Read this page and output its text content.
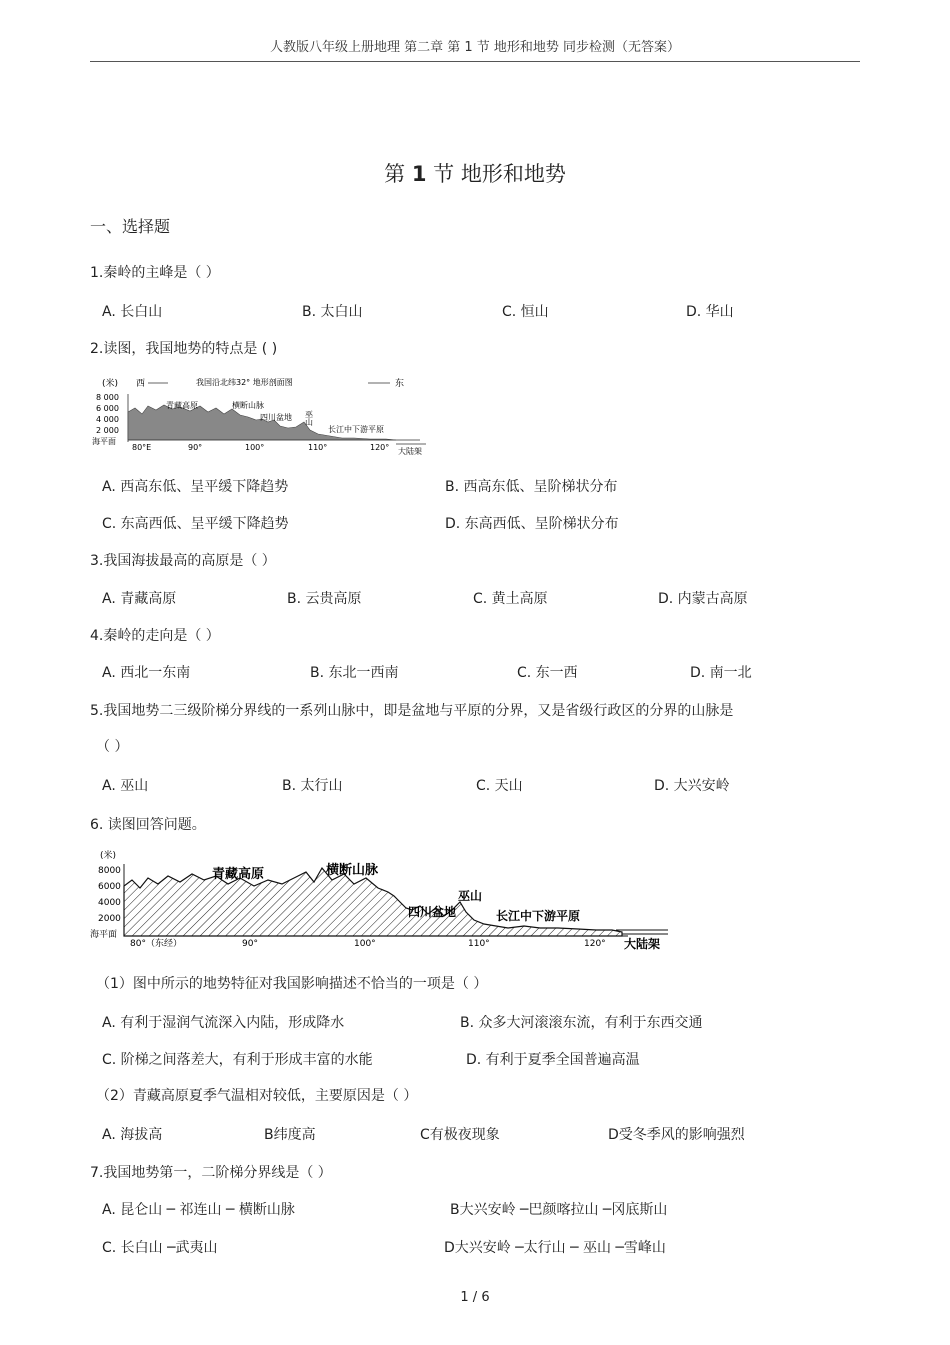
人教版八年级上册地理 第二章 第 1 节 地形和地势 同步检测（无答案）
第 1 节 地形和地势
一、选择题
1.秦岭的主峰是（ ）
A. 长白山	B. 太白山	C. 恒山	D. 华山
2.读图，我国地势的特点是 ( )
(米) 西	我国沿北纬32° 地形剖面图	东
8 000
6 000
4 000
2 000
海平面
青藏高原	横断山脉
四川盆地 巫山
长江中下游平原
80°E	90°	100°	110°	120° 大陆架
A. 西高东低、呈平缓下降趋势	B. 西高东低、呈阶梯状分布
C. 东高西低、呈平缓下降趋势	D. 东高西低、呈阶梯状分布
3.我国海拔最高的高原是（ ）
A. 青藏高原	B. 云贵高原	C. 黄土高原	D. 内蒙古高原
4.秦岭的走向是（ ）
A. 西北一东南	B. 东北一西南	C. 东一西	D. 南一北
5.我国地势二三级阶梯分界线的一系列山脉中，即是盆地与平原的分界，又是省级行政区的分界的山脉是
（ ）
A. 巫山	B. 太行山	C. 天山	D. 大兴安岭
6. 读图回答问题。
(米)
8000
6000
4000
2000
海平面
青藏高原	横断山脉
四川盆地
巫山
长江中下游平原
80°（东经）	90°	100°	110°	120° 大陆架
（1）图中所示的地势特征对我国影响描述不恰当的一项是（ ）
A. 有利于湿润气流深入内陆，形成降水	B. 众多大河滚滚东流，有利于东西交通
C. 阶梯之间落差大，有利于形成丰富的水能	D. 有利于夏季全国普遍高温
（2）青藏高原夏季气温相对较低，主要原因是（ ）
A. 海拔高	B纬度高	C有极夜现象	D受冬季风的影响强烈
7.我国地势第一，二阶梯分界线是（ ）
A. 昆仑山 ─ 祁连山 ─ 横断山脉	B大兴安岭 ─巴颜喀拉山 ─冈底斯山
C. 长白山 ─武夷山	D大兴安岭 ─太行山 ─ 巫山 ─雪峰山
1 / 6
